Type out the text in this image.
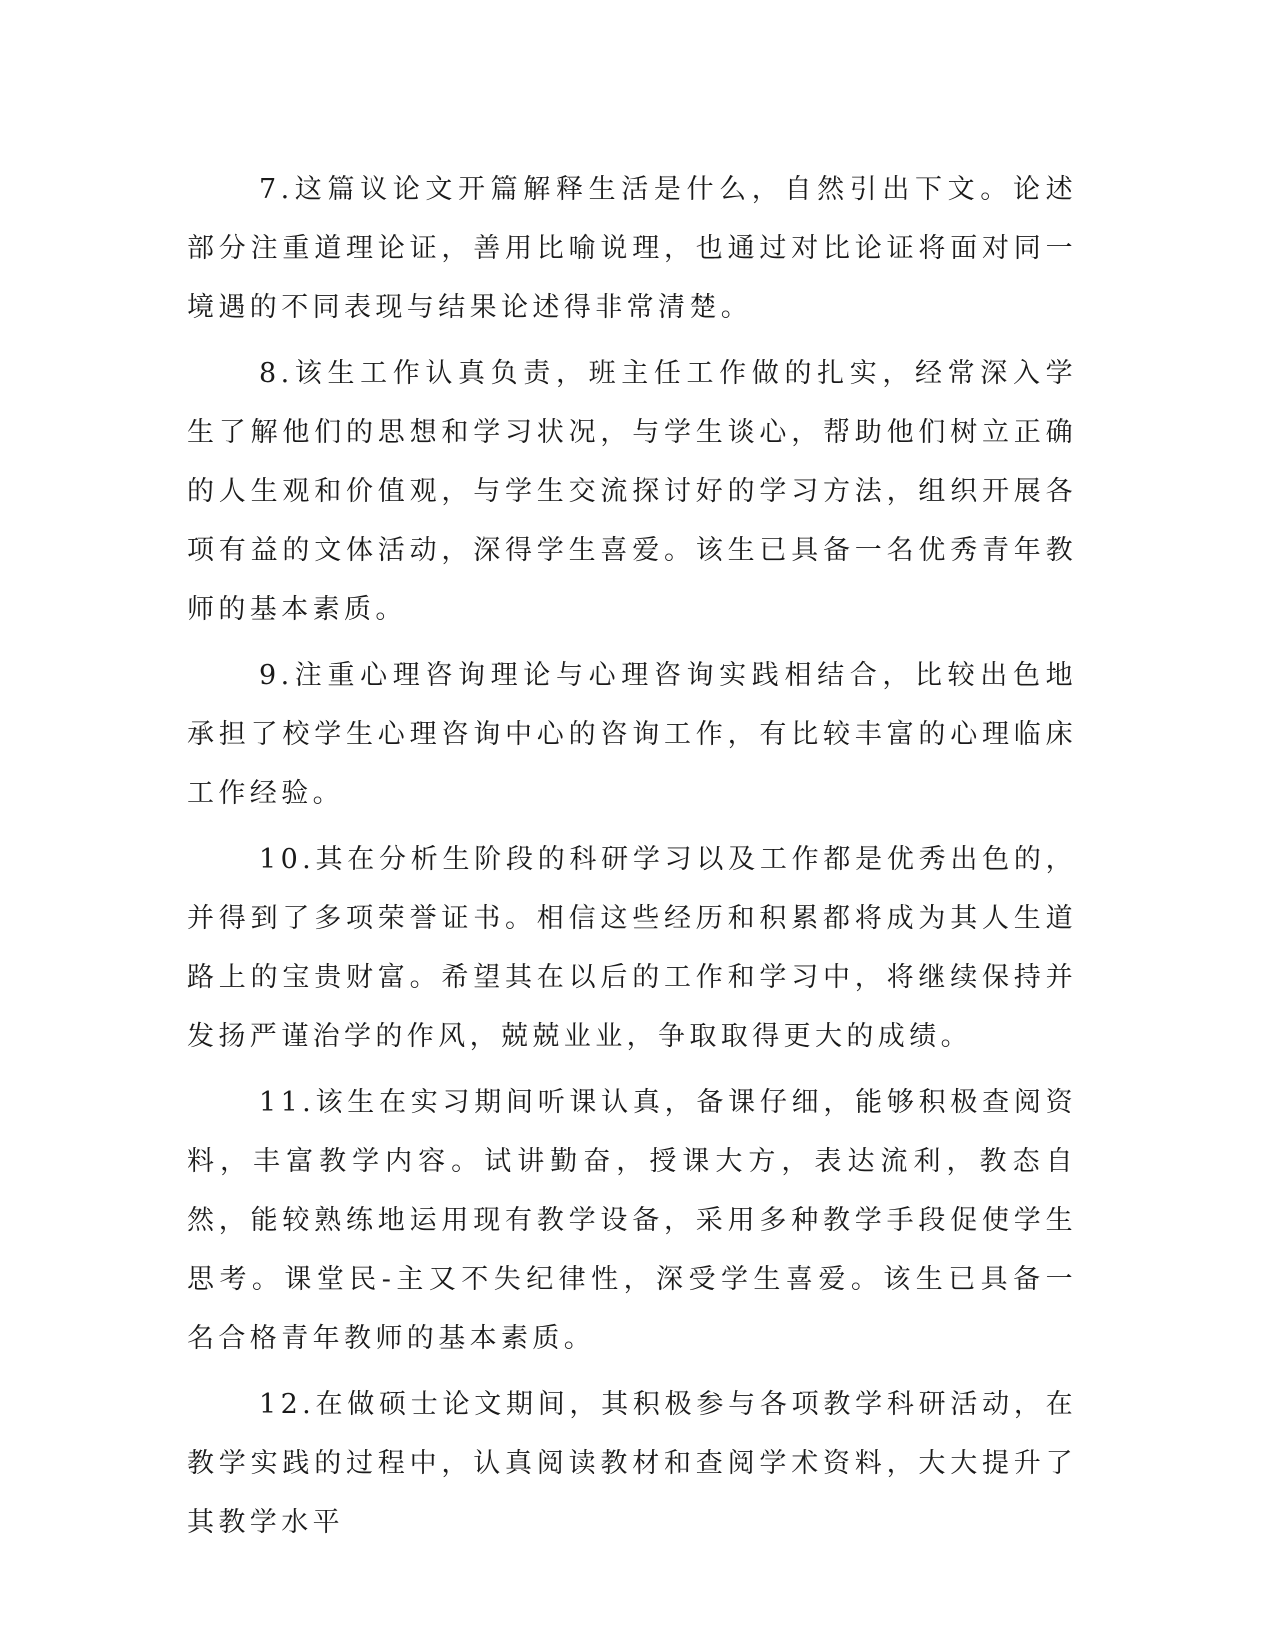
7.这篇议论文开篇解释生活是什么，自然引出下文。论述部分注重道理论证，善用比喻说理，也通过对比论证将面对同一境遇的不同表现与结果论述得非常清楚。

8.该生工作认真负责，班主任工作做的扎实，经常深入学生了解他们的思想和学习状况，与学生谈心，帮助他们树立正确的人生观和价值观，与学生交流探讨好的学习方法，组织开展各项有益的文体活动，深得学生喜爱。该生已具备一名优秀青年教师的基本素质。

9.注重心理咨询理论与心理咨询实践相结合，比较出色地承担了校学生心理咨询中心的咨询工作，有比较丰富的心理临床工作经验。

10.其在分析生阶段的科研学习以及工作都是优秀出色的，并得到了多项荣誉证书。相信这些经历和积累都将成为其人生道路上的宝贵财富。希望其在以后的工作和学习中，将继续保持并发扬严谨治学的作风，兢兢业业，争取取得更大的成绩。

11.该生在实习期间听课认真，备课仔细，能够积极查阅资料，丰富教学内容。试讲勤奋，授课大方，表达流利，教态自然，能较熟练地运用现有教学设备，采用多种教学手段促使学生思考。课堂民-主又不失纪律性，深受学生喜爱。该生已具备一名合格青年教师的基本素质。

12.在做硕士论文期间，其积极参与各项教学科研活动，在教学实践的过程中，认真阅读教材和查阅学术资料，大大提升了其教学水平
